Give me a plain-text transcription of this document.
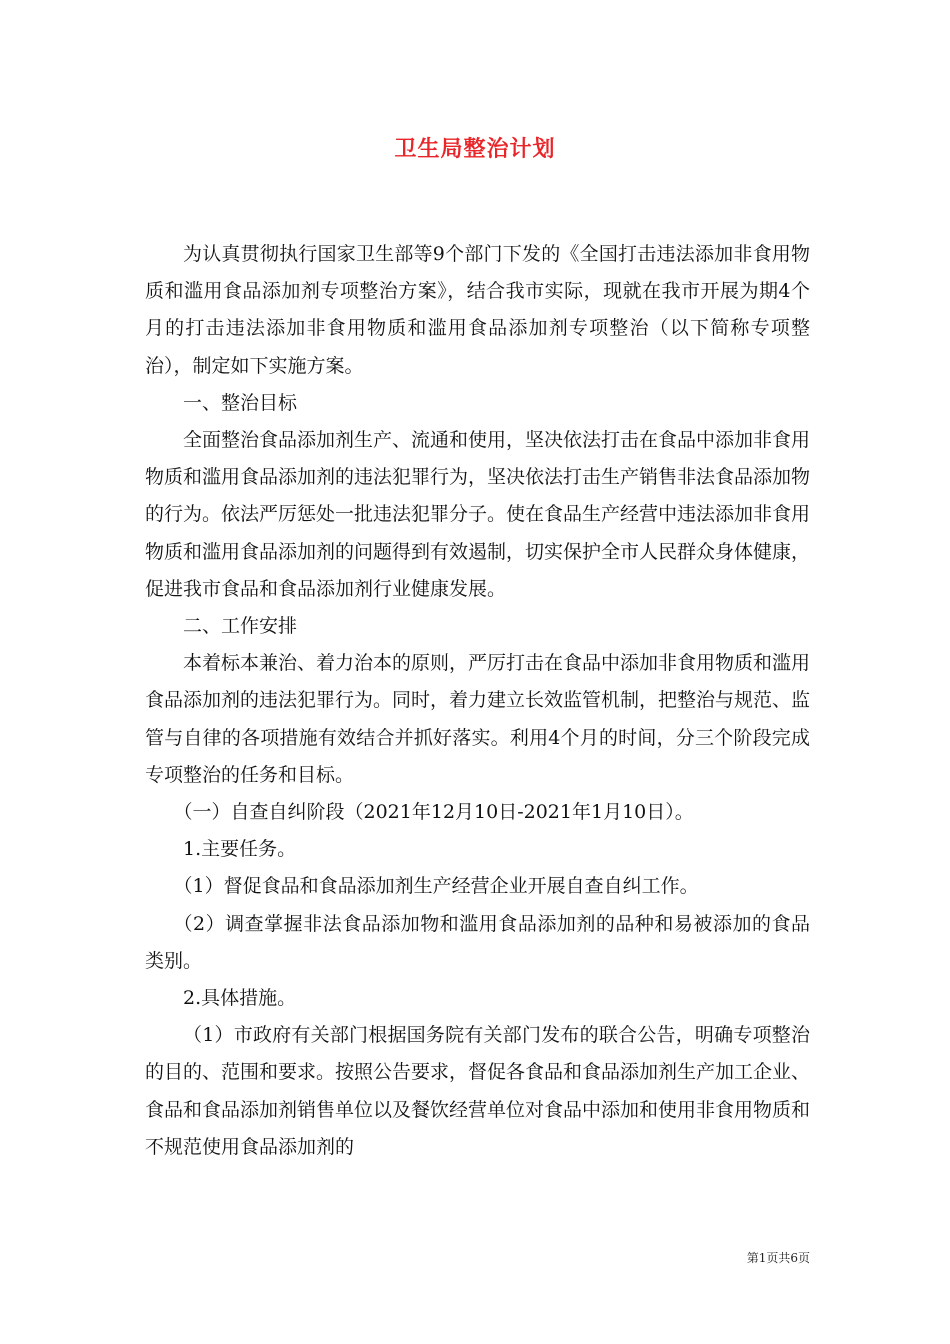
卫生局整治计划

为认真贯彻执行国家卫生部等9个部门下发的《全国打击违法添加非食用物质和滥用食品添加剂专项整治方案》，结合我市实际，现就在我市开展为期4个月的打击违法添加非食用物质和滥用食品添加剂专项整治（以下简称专项整治），制定如下实施方案。

一、整治目标

全面整治食品添加剂生产、流通和使用，坚决依法打击在食品中添加非食用物质和滥用食品添加剂的违法犯罪行为，坚决依法打击生产销售非法食品添加物的行为。依法严厉惩处一批违法犯罪分子。使在食品生产经营中违法添加非食用物质和滥用食品添加剂的问题得到有效遏制，切实保护全市人民群众身体健康，促进我市食品和食品添加剂行业健康发展。

二、工作安排

本着标本兼治、着力治本的原则，严厉打击在食品中添加非食用物质和滥用食品添加剂的违法犯罪行为。同时，着力建立长效监管机制，把整治与规范、监管与自律的各项措施有效结合并抓好落实。利用4个月的时间，分三个阶段完成专项整治的任务和目标。

（一）自查自纠阶段（2021年12月10日-2021年1月10日）。

1.主要任务。

（1）督促食品和食品添加剂生产经营企业开展自查自纠工作。

（2）调查掌握非法食品添加物和滥用食品添加剂的品种和易被添加的食品类别。

2.具体措施。

（1）市政府有关部门根据国务院有关部门发布的联合公告，明确专项整治的目的、范围和要求。按照公告要求，督促各食品和食品添加剂生产加工企业、食品和食品添加剂销售单位以及餐饮经营单位对食品中添加和使用非食用物质和不规范使用食品添加剂的

第1页共6页
